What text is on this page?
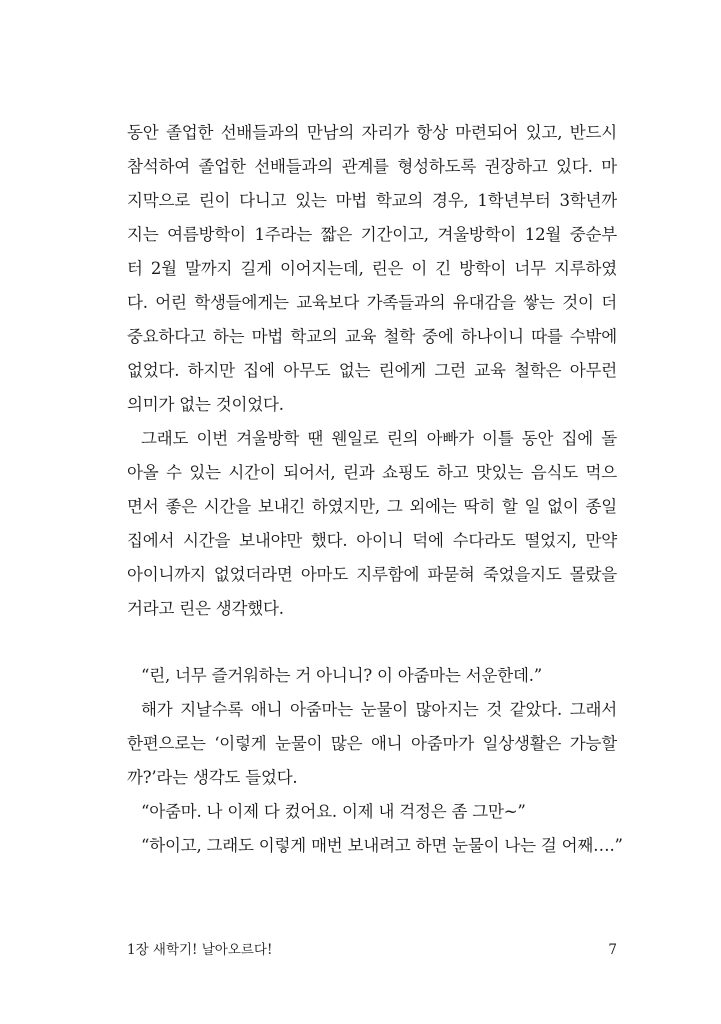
동안 졸업한 선배들과의 만남의 자리가 항상 마련되어 있고, 반드시
참석하여 졸업한 선배들과의 관계를 형성하도록 권장하고 있다. 마
지막으로 린이 다니고 있는 마법 학교의 경우, 1학년부터 3학년까
지는 여름방학이 1주라는 짧은 기간이고, 겨울방학이 12월 중순부
터 2월 말까지 길게 이어지는데, 린은 이 긴 방학이 너무 지루하였
다. 어린 학생들에게는 교육보다 가족들과의 유대감을 쌓는 것이 더
중요하다고 하는 마법 학교의 교육 철학 중에 하나이니 따를 수밖에
없었다. 하지만 집에 아무도 없는 린에게 그런 교육 철학은 아무런
의미가 없는 것이었다.
그래도 이번 겨울방학 땐 웬일로 린의 아빠가 이틀 동안 집에 돌
아올 수 있는 시간이 되어서, 린과 쇼핑도 하고 맛있는 음식도 먹으
면서 좋은 시간을 보내긴 하였지만, 그 외에는 딱히 할 일 없이 종일
집에서 시간을 보내야만 했다. 아이니 덕에 수다라도 떨었지, 만약
아이니까지 없었더라면 아마도 지루함에 파묻혀 죽었을지도 몰랐을
거라고 린은 생각했다.
“린, 너무 즐거워하는 거 아니니? 이 아줌마는 서운한데.”
해가 지날수록 애니 아줌마는 눈물이 많아지는 것 같았다. 그래서
한편으로는 ‘이렇게 눈물이 많은 애니 아줌마가 일상생활은 가능할
까?’라는 생각도 들었다.
“아줌마. 나 이제 다 컸어요. 이제 내 걱정은 좀 그만~”
“하이고, 그래도 이렇게 매번 보내려고 하면 눈물이 나는 걸 어째….”
1장 새학기! 날아오르다!	7
